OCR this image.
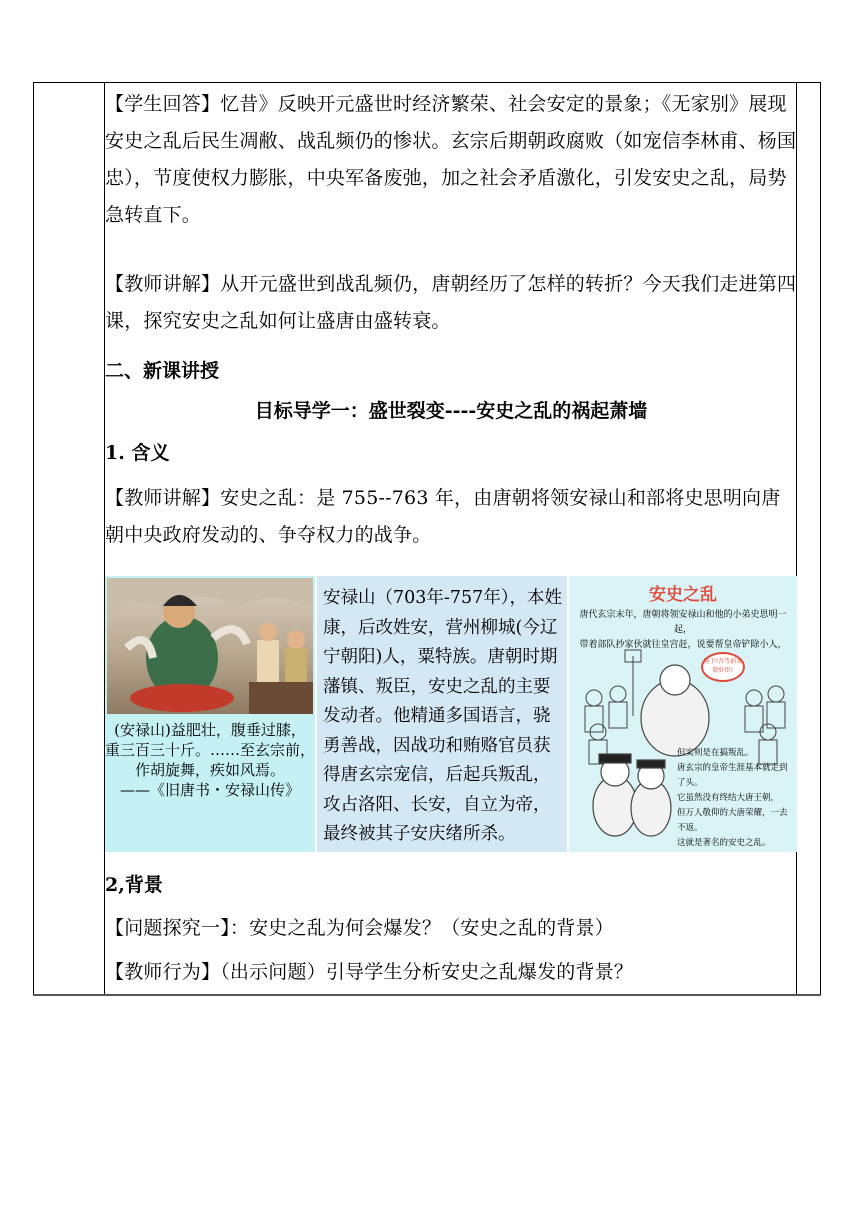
【学生回答】忆昔》反映开元盛世时经济繁荣、社会安定的景象；《无家别》展现安史之乱后民生凋敝、战乱频仍的惨状。玄宗后期朝政腐败（如宠信李林甫、杨国忠），节度使权力膨胀，中央军备废弛，加之社会矛盾激化，引发安史之乱，局势急转直下。

【教师讲解】从开元盛世到战乱频仍，唐朝经历了怎样的转折？今天我们走进第四课，探究安史之乱如何让盛唐由盛转衰。

二、新课讲授
目标导学一：盛世裂变----安史之乱的祸起萧墙
1. 含义

【教师讲解】安史之乱：是 755--763 年，由唐朝将领安禄山和部将史思明向唐朝中央政府发动的、争夺权力的战争。

(安禄山)益肥壮，腹垂过膝，
重三百三十斤。……至玄宗前，
作胡旋舞，疾如风焉。
——《旧唐书・安禄山传》
安禄山（703年-757年），本姓康，后改姓安，营州柳城(今辽宁朝阳)人，粟特族。唐朝时期藩镇、叛臣，安史之乱的主要发动者。他精通多国语言，骁勇善战，因战功和贿赂官员获得唐玄宗宠信，后起兵叛乱，攻占洛阳、长安，自立为帝，最终被其子安庆绪所杀。
安史之乱
唐代玄宗末年，唐朝将领安禄山和他的小弟史思明一起，
带着部队抄家伙就往皇宫赶，说要帮皇帝铲除小人，
陛下!吾等前来除奸臣!
但实则是在搞叛乱。
唐玄宗的皇帝生涯基本就走到了头。
它虽然没有终结大唐王朝，
但万人敬仰的大唐荣耀，一去不返。
这就是著名的安史之乱。
2,背景

【问题探究一】：安史之乱为何会爆发？（安史之乱的背景）

【教师行为】（出示问题）引导学生分析安史之乱爆发的背景？
